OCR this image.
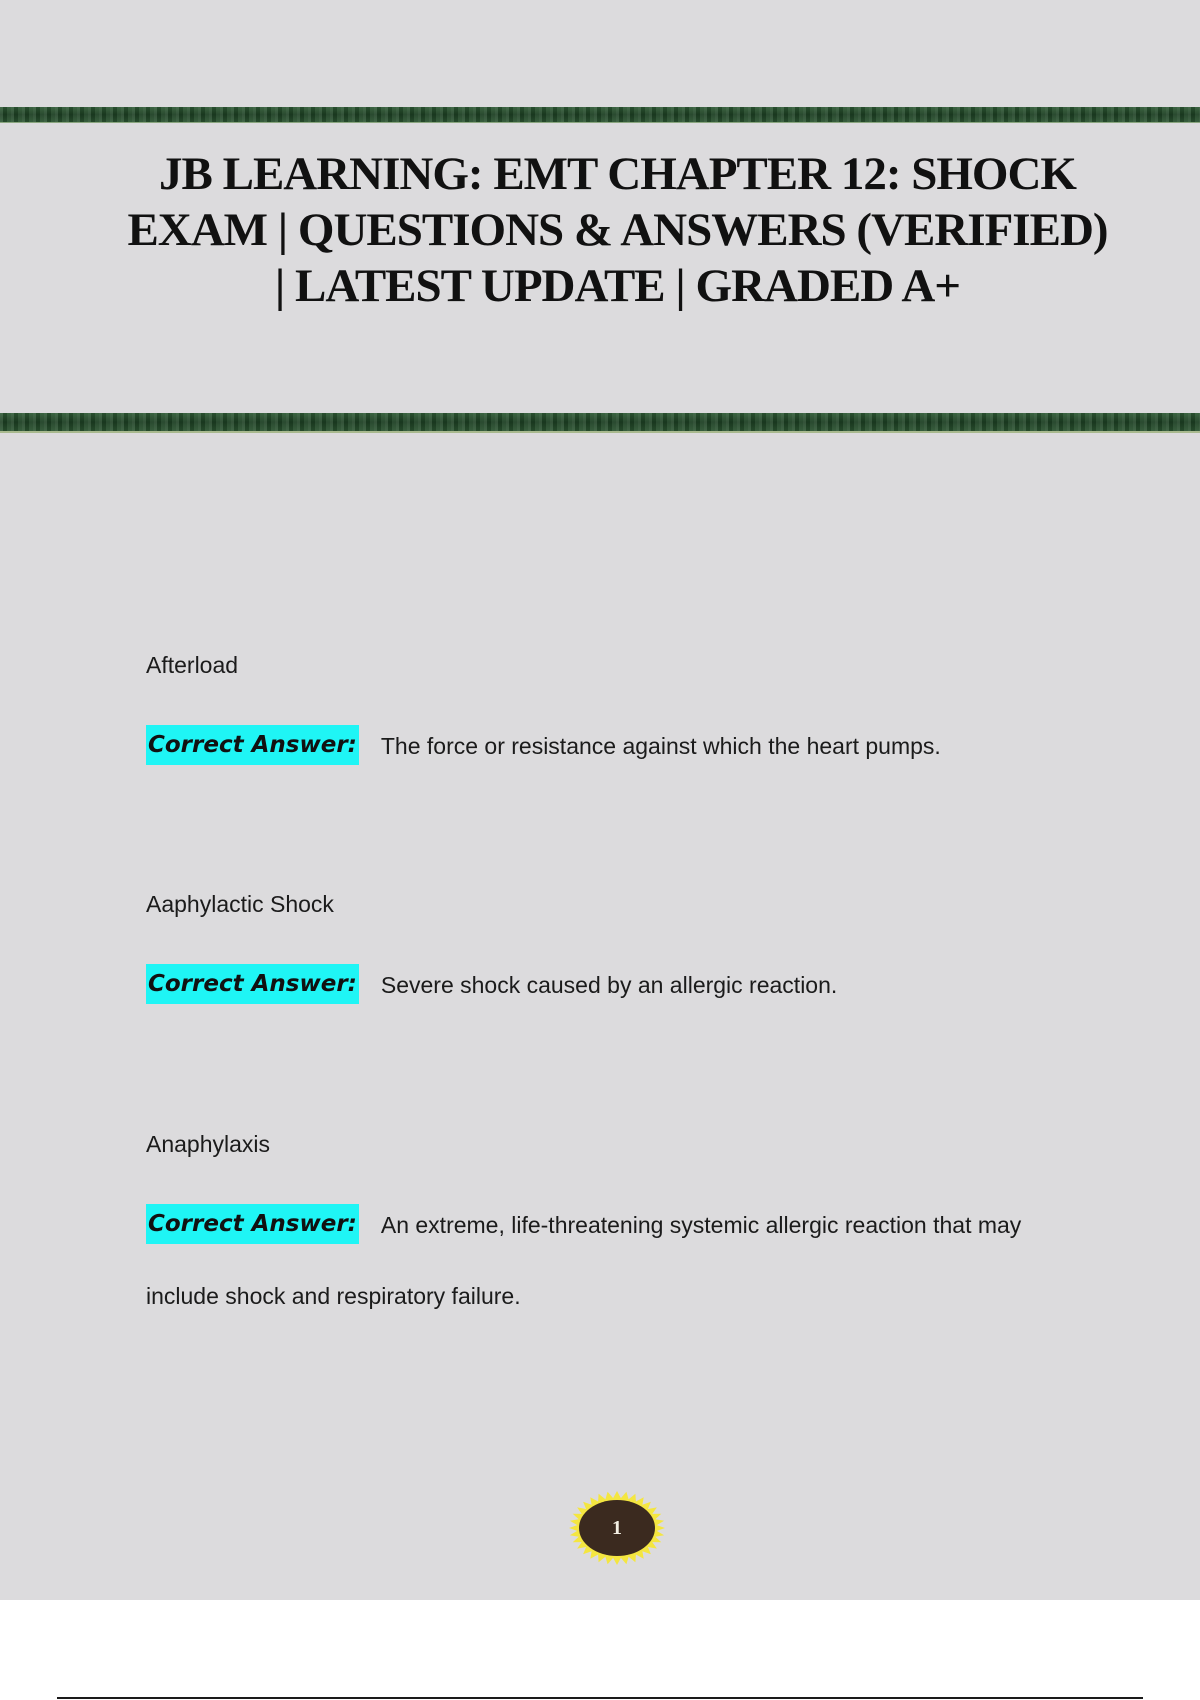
JB LEARNING: EMT CHAPTER 12: SHOCK EXAM | QUESTIONS & ANSWERS (VERIFIED) | LATEST UPDATE | GRADED A+
Afterload
Correct Answer: The force or resistance against which the heart pumps.
Aaphylactic Shock
Correct Answer: Severe shock caused by an allergic reaction.
Anaphylaxis
Correct Answer: An extreme, life-threatening systemic allergic reaction that may
include shock and respiratory failure.
1
